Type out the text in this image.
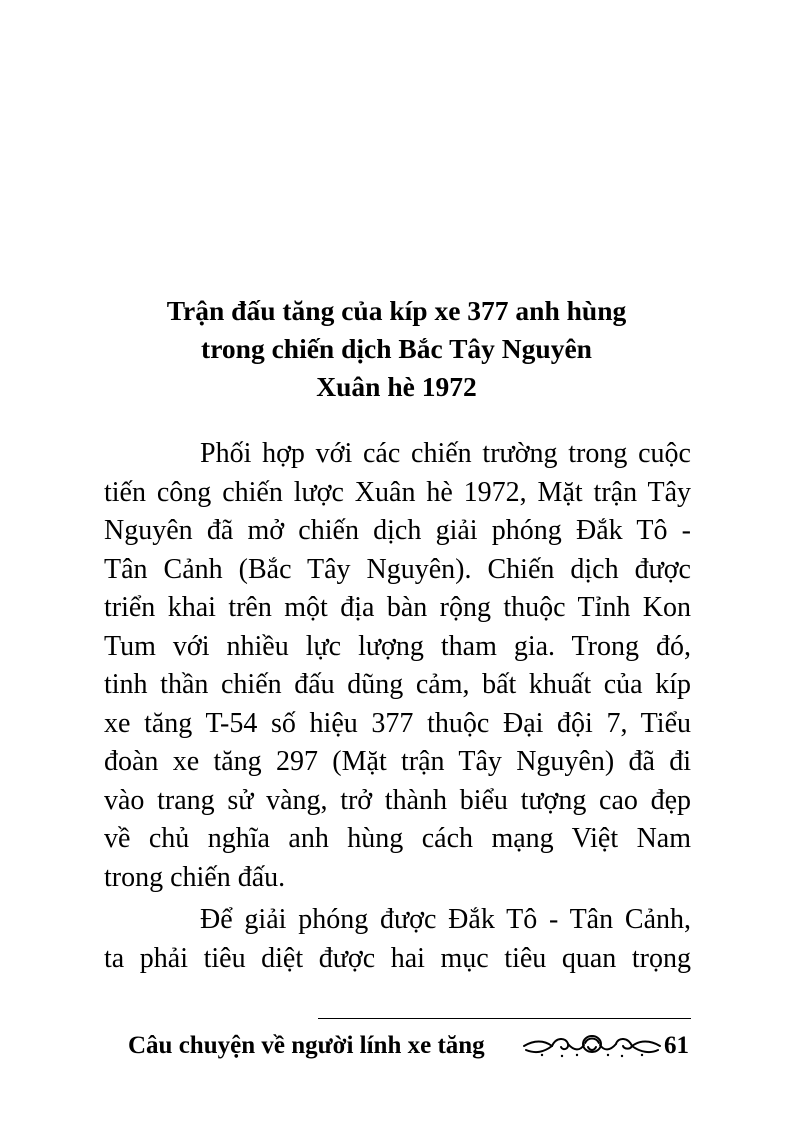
Trận đấu tăng của kíp xe 377 anh hùng
trong chiến dịch Bắc Tây Nguyên
Xuân hè 1972
Phối hợp với các chiến trường trong cuộc
tiến công chiến lược Xuân hè 1972, Mặt trận Tây
Nguyên đã mở chiến dịch giải phóng Đắk Tô -
Tân Cảnh (Bắc Tây Nguyên). Chiến dịch được
triển khai trên một địa bàn rộng thuộc Tỉnh Kon
Tum với nhiều lực lượng tham gia. Trong đó,
tinh thần chiến đấu dũng cảm, bất khuất của kíp
xe tăng T-54 số hiệu 377 thuộc Đại đội 7, Tiểu
đoàn xe tăng 297 (Mặt trận Tây Nguyên) đã đi
vào trang sử vàng, trở thành biểu tượng cao đẹp
về chủ nghĩa anh hùng cách mạng Việt Nam
trong chiến đấu.
Để giải phóng được Đắk Tô - Tân Cảnh,
ta phải tiêu diệt được hai mục tiêu quan trọng
Câu chuyện về người lính xe tăng	61
